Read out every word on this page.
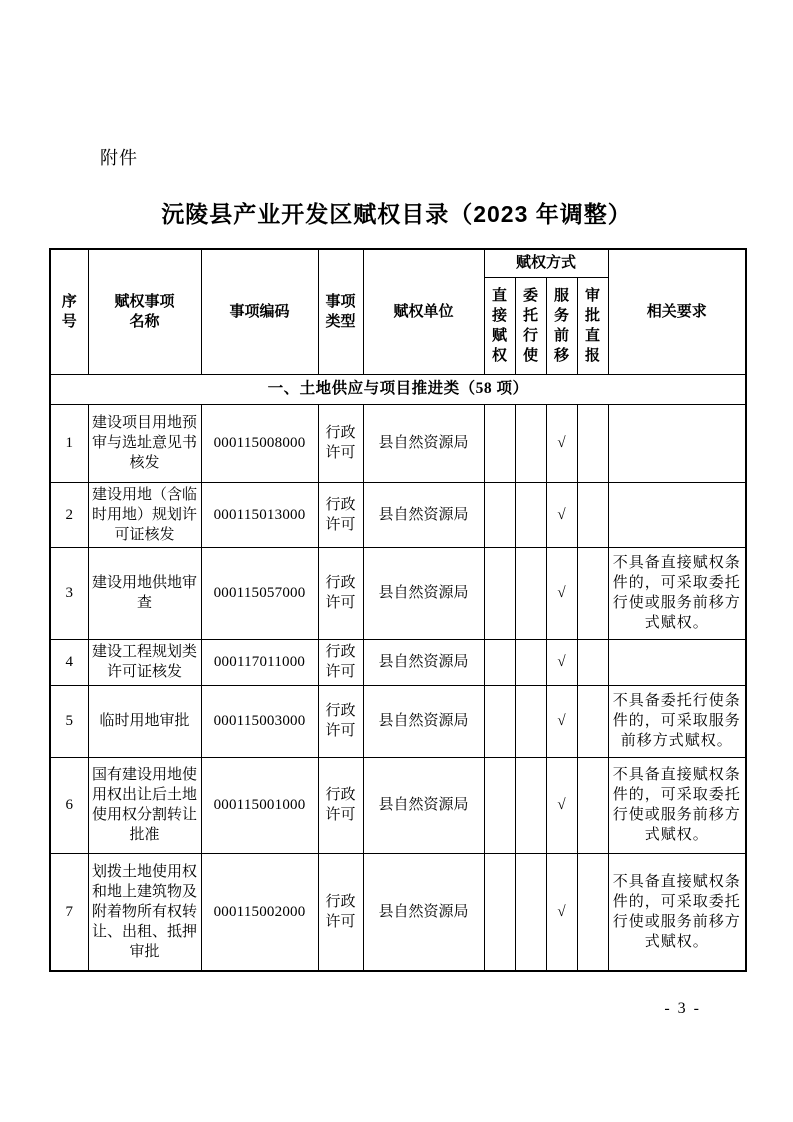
附件
沅陵县产业开发区赋权目录（2023 年调整）
序号	赋权事项名称	事项编码	事项类型	赋权单位	赋权方式				相关要求
					直接赋权	委托行使	服务前移	审批直报	
一、土地供应与项目推进类（58 项）									
1	建设项目用地预审与选址意见书核发	000115008000	行政许可	县自然资源局			√		
2	建设用地（含临时用地）规划许可证核发	000115013000	行政许可	县自然资源局			√		
3	建设用地供地审查	000115057000	行政许可	县自然资源局			√		不具备直接赋权条件的，可采取委托行使或服务前移方式赋权。
4	建设工程规划类许可证核发	000117011000	行政许可	县自然资源局			√		
5	临时用地审批	000115003000	行政许可	县自然资源局			√		不具备委托行使条件的，可采取服务前移方式赋权。
6	国有建设用地使用权出让后土地使用权分割转让批准	000115001000	行政许可	县自然资源局			√		不具备直接赋权条件的，可采取委托行使或服务前移方式赋权。
7	划拨土地使用权和地上建筑物及附着物所有权转让、出租、抵押审批	000115002000	行政许可	县自然资源局			√		不具备直接赋权条件的，可采取委托行使或服务前移方式赋权。
- 3 -
